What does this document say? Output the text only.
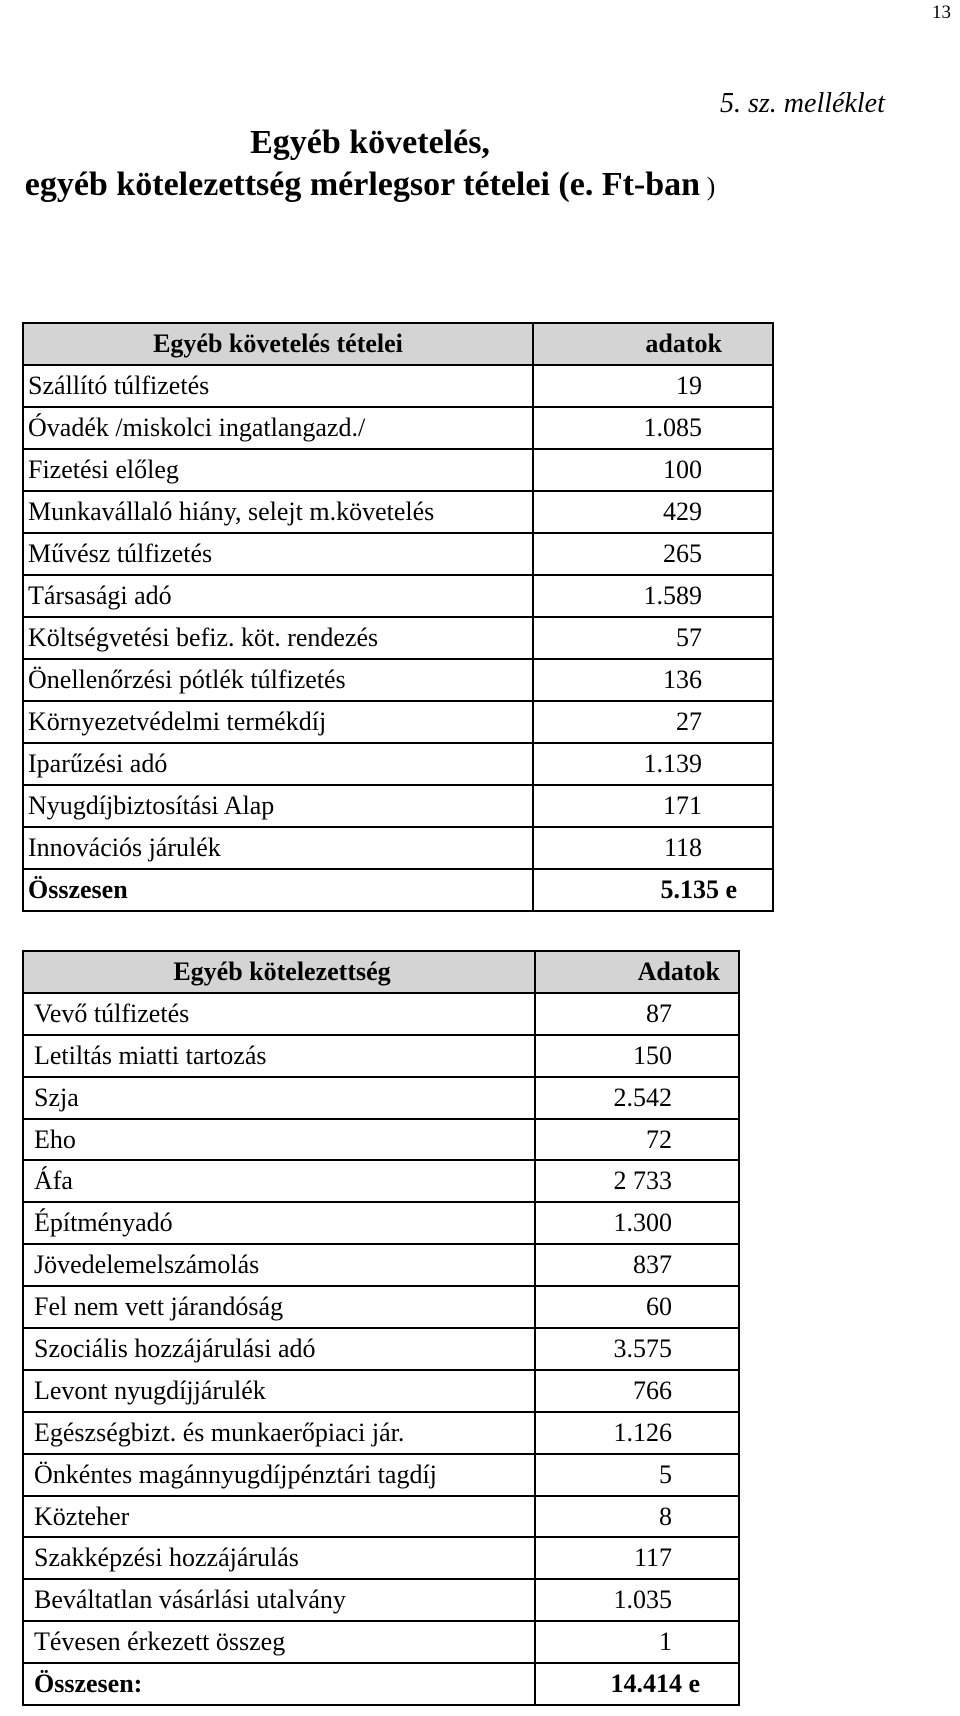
13
5. sz. melléklet
Egyéb követelés,
egyéb kötelezettség mérlegsor tételei (e. Ft-ban )
Egyéb követelés tételei	adatok
Szállító túlfizetés	19
Óvadék /miskolci ingatlangazd./	1.085
Fizetési előleg	100
Munkavállaló hiány, selejt m.követelés	429
Művész túlfizetés	265
Társasági adó	1.589
Költségvetési befiz. köt. rendezés	57
Önellenőrzési pótlék túlfizetés	136
Környezetvédelmi termékdíj	27
Iparűzési adó	1.139
Nyugdíjbiztosítási Alap	171
Innovációs járulék	118
Összesen	5.135 e
Egyéb kötelezettség	Adatok
Vevő túlfizetés	87
Letiltás miatti tartozás	150
Szja	2.542
Eho	72
Áfa	2 733
Építményadó	1.300
Jövedelemelszámolás	837
Fel nem vett járandóság	60
Szociális hozzájárulási adó	3.575
Levont nyugdíjjárulék	766
Egészségbizt. és munkaerőpiaci jár.	1.126
Önkéntes magánnyugdíjpénztári tagdíj	5
Közteher	8
Szakképzési hozzájárulás	117
Beváltatlan vásárlási utalvány	1.035
Tévesen érkezett összeg	1
Összesen:	14.414 e
